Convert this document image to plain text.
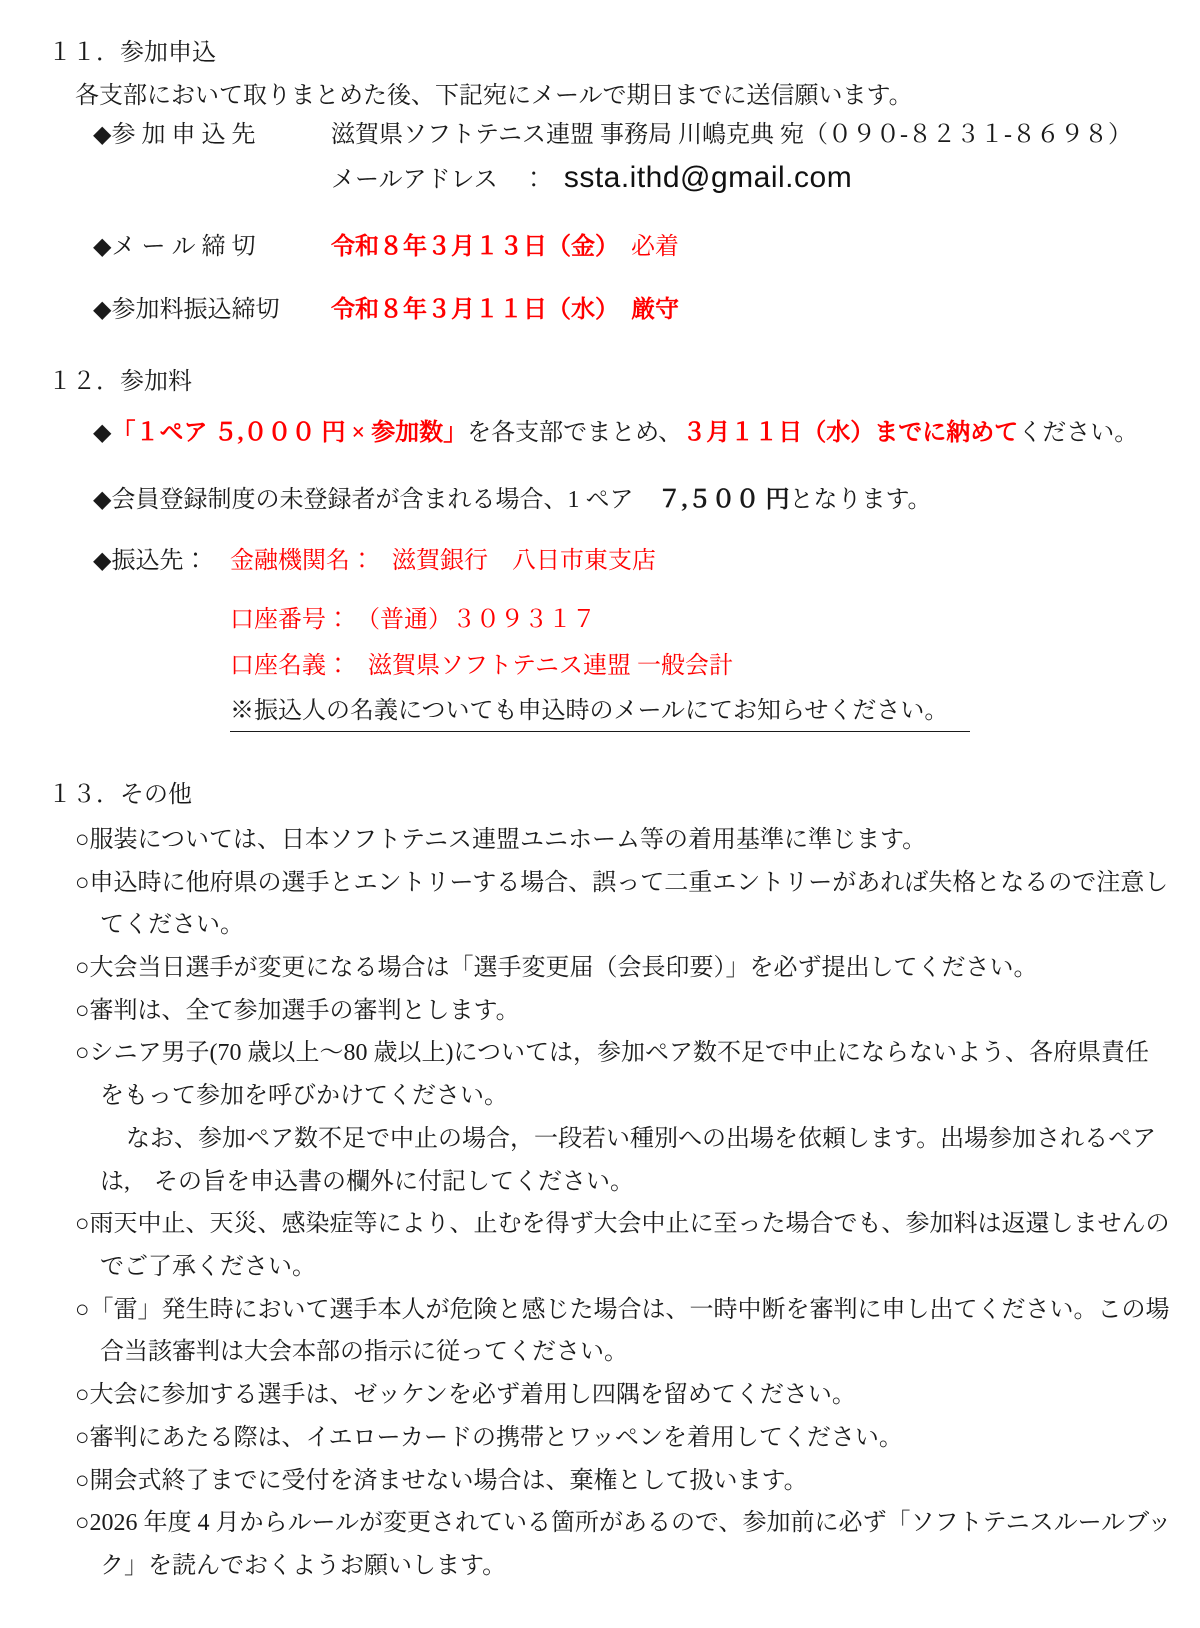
１１．参加申込

各支部において取りまとめた後、下記宛にメールで期日までに送信願います。

◆参 加 申 込 先	滋賀県ソフトテニス連盟 事務局 川嶋克典 宛（０９０-８２３１-８６９８）
メールアドレス　： ssta.ithd@gmail.com
◆メ ー ル 締 切	令和８年３月１３日（金） 必着
◆参加料振込締切	令和８年３月１１日（水） 厳守
１２．参加料
◆「１ペア ５,０００ 円 × 参加数」を各支部でまとめ、３月１１日（水）までに納めてください。
◆会員登録制度の未登録者が含まれる場合、1 ペア　７,５００ 円となります。
◆振込先： 金融機関名 ：　滋賀銀行　八日市東支店
口座番号 ：　（普通）３０９３１７
口座名義 ：　滋賀県ソフトテニス連盟 一般会計
※振込人の名義についても申込時のメールにてお知らせください。
１３．その他

○服装については、日本ソフトテニス連盟ユニホーム等の着用基準に準じます。

○申込時に他府県の選手とエントリーする場合、誤って二重エントリーがあれば失格となるので注意してください。

○大会当日選手が変更になる場合は「選手変更届（会長印要）」を必ず提出してください。

○審判は、全て参加選手の審判とします。

○シニア男子(70 歳以上～80 歳以上)については，参加ペア数不足で中止にならないよう、各府県責任をもって参加を呼びかけてください。

なお、参加ペア数不足で中止の場合，一段若い種別への出場を依頼します。出場参加されるペアは,　その旨を申込書の欄外に付記してください。

○雨天中止、天災、感染症等により、止むを得ず大会中止に至った場合でも、参加料は返還しませんのでご了承ください。

○「雷」発生時において選手本人が危険と感じた場合は、一時中断を審判に申し出てください。この場合当該審判は大会本部の指示に従ってください。

○大会に参加する選手は、ゼッケンを必ず着用し四隅を留めてください。

○審判にあたる際は、イエローカードの携帯とワッペンを着用してください。

○開会式終了までに受付を済ませない場合は、棄権として扱います。

○2026 年度 4 月からルールが変更されている箇所があるので、参加前に必ず「ソフトテニスルールブック」を読んでおくようお願いします。
